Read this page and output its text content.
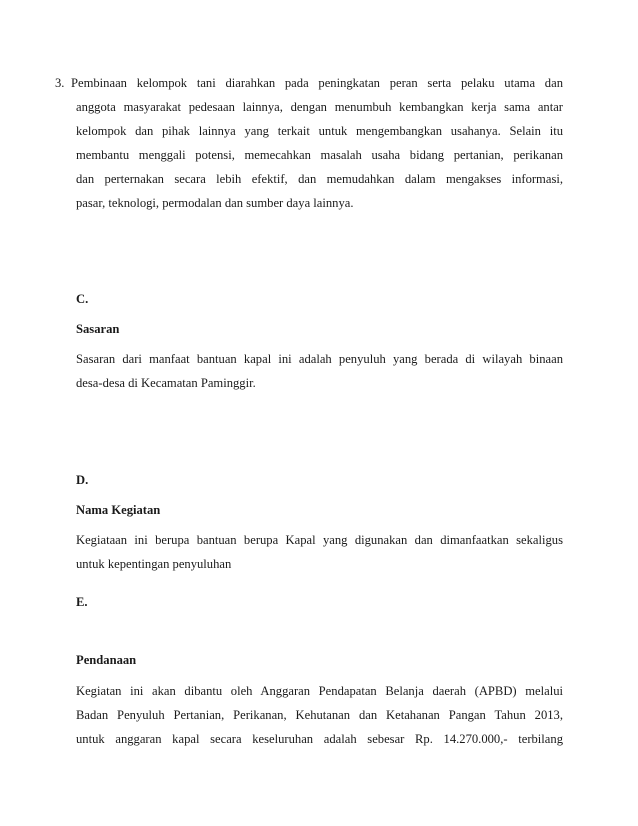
3. Pembinaan kelompok tani diarahkan pada peningkatan peran serta pelaku utama dan
anggota masyarakat pedesaan lainnya, dengan menumbuh kembangkan kerja sama antar
kelompok dan pihak lainnya yang terkait untuk mengembangkan usahanya. Selain itu
membantu menggali potensi, memecahkan masalah usaha bidang pertanian, perikanan
dan perternakan secara lebih efektif, dan memudahkan dalam mengakses informasi,
pasar, teknologi, permodalan dan sumber daya lainnya.
C.
Sasaran
Sasaran dari manfaat bantuan kapal ini adalah penyuluh yang berada di wilayah binaan
desa-desa di Kecamatan Paminggir.
D.
Nama Kegiatan
Kegiataan ini berupa bantuan berupa Kapal yang digunakan dan dimanfaatkan sekaligus
untuk kepentingan penyuluhan
E.
Pendanaan
Kegiatan ini akan dibantu oleh Anggaran Pendapatan Belanja daerah (APBD) melalui
Badan Penyuluh Pertanian, Perikanan, Kehutanan dan Ketahanan Pangan Tahun 2013,
untuk anggaran kapal secara keseluruhan adalah sebesar Rp. 14.270.000,- terbilang
